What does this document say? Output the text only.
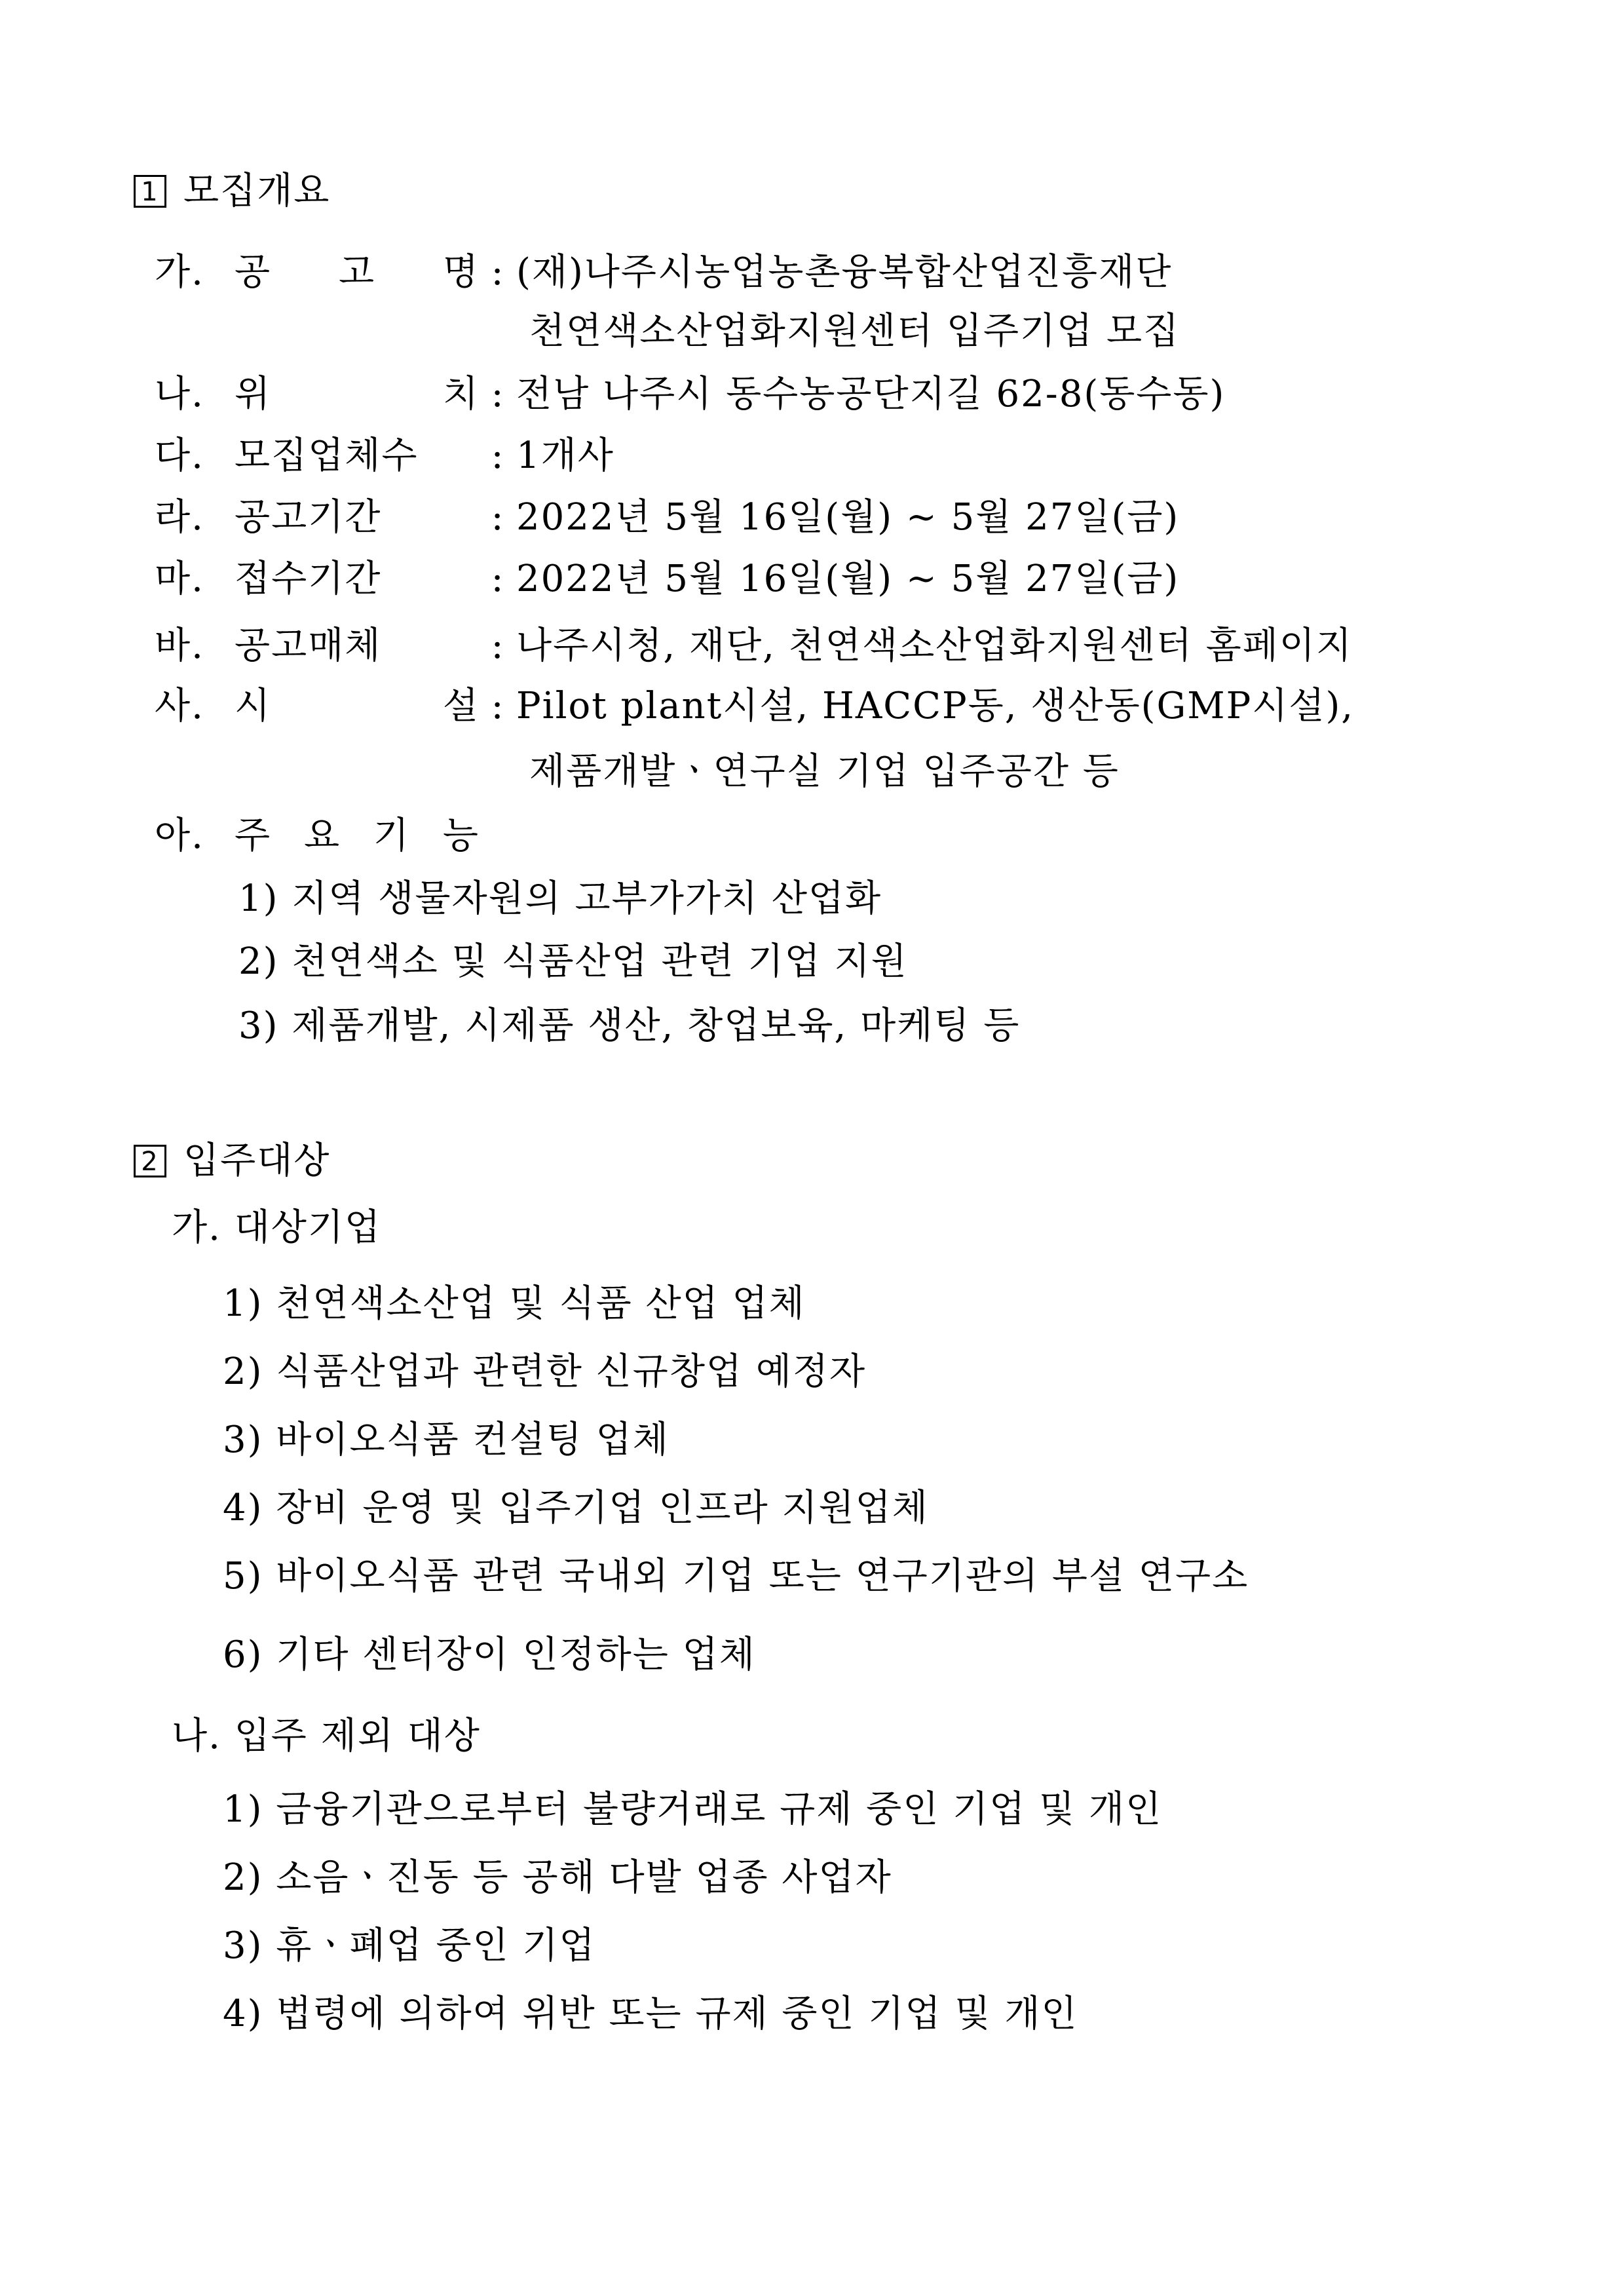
1 모집개요
가. 공 고 명 : (재)나주시농업농촌융복합산업진흥재단
천연색소산업화지원센터 입주기업 모집
나. 위 치 : 전남 나주시 동수농공단지길 62-8(동수동)
다. 모집업체수	: 1개사
라. 공고기간	: 2022년 5월 16일(월) ~ 5월 27일(금)
마. 접수기간	: 2022년 5월 16일(월) ~ 5월 27일(금)
바. 공고매체	: 나주시청, 재단, 천연색소산업화지원센터 홈페이지
사. 시 설 : Pilot plant시설, HACCP동, 생산동(GMP시설),
제품개발ㆍ연구실 기업 입주공간 등
아. 주 요 기 능
1) 지역 생물자원의 고부가가치 산업화
2) 천연색소 및 식품산업 관련 기업 지원
3) 제품개발, 시제품 생산, 창업보육, 마케팅 등
2 입주대상
가. 대상기업
1) 천연색소산업 및 식품 산업 업체
2) 식품산업과 관련한 신규창업 예정자
3) 바이오식품 컨설팅 업체
4) 장비 운영 및 입주기업 인프라 지원업체
5) 바이오식품 관련 국내외 기업 또는 연구기관의 부설 연구소
6) 기타 센터장이 인정하는 업체
나. 입주 제외 대상
1) 금융기관으로부터 불량거래로 규제 중인 기업 및 개인
2) 소음ㆍ진동 등 공해 다발 업종 사업자
3) 휴ㆍ폐업 중인 기업
4) 법령에 의하여 위반 또는 규제 중인 기업 및 개인
